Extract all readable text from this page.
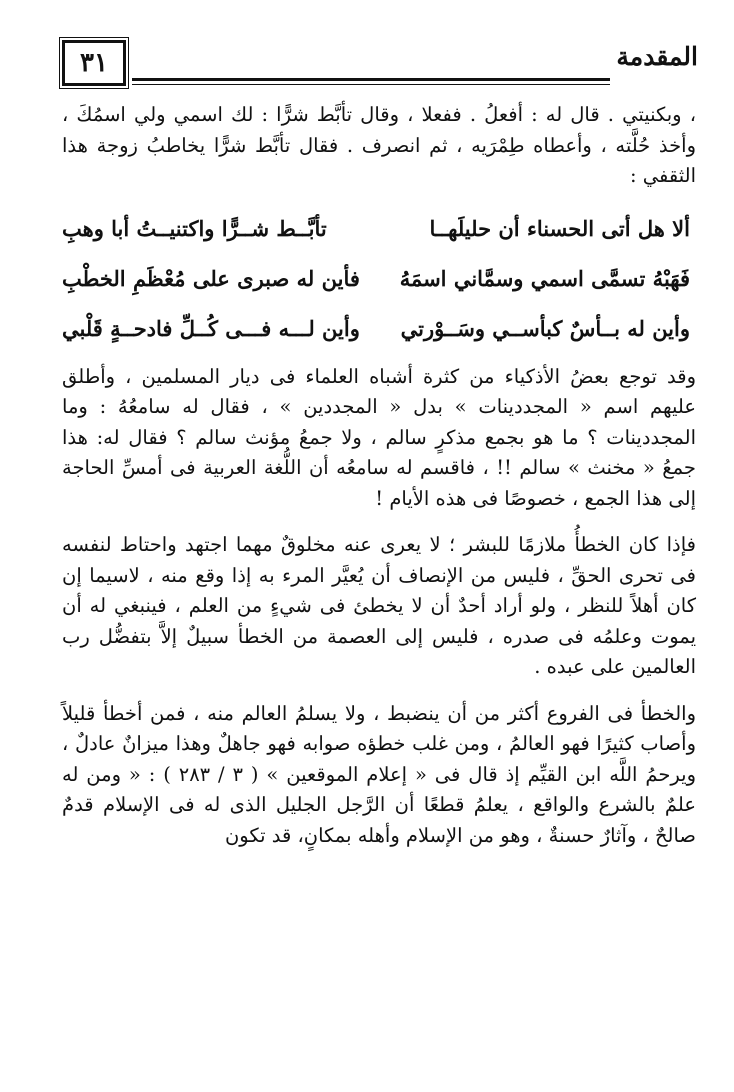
المقدمة
٣١

، وبكنيتي . قال له : أفعلُ . ففعلا ، وقال تأبَّط شرًّا : لك اسمي ولي اسمُكَ ، وأخذ حُلَّته ، وأعطاه طِمْرَيه ، ثم انصرف . فقال تأبَّط شرًّا يخاطبُ زوجة هذا الثقفي :

ألا هل أتى الحسناء أن حليلَهــا
تأبَّــط شــرًّا واكتنيــتُ أبا وهبِ
فَهَبْهُ تسمَّى اسمي وسمَّاني اسمَهُ
فأين له صبرى على مُعْظَمِ الخطْبِ
وأين له بــأسٌ كبأســي وسَــوْرتي
وأين لـــه فـــى كُــلِّ فادحــةٍ قَلْبي

وقد توجع بعضُ الأذكياء من كثرة أشباه العلماء فى ديار المسلمين ، وأطلق عليهم اسم « المجددينات » بدل « المجددين » ، فقال له سامعُهُ : وما المجددينات ؟ ما هو بجمع مذكرٍ سالم ، ولا جمعُ مؤنث سالم ؟ فقال له: هذا جمعُ « مخنث » سالم !! ، فاقسم له سامعُه أن اللُّغة العربية فى أمسِّ الحاجة إلى هذا الجمع ، خصوصًا فى هذه الأيام !

فإذا كان الخطأُ ملازمًا للبشر ؛ لا يعرى عنه مخلوقٌ مهما اجتهد واحتاط لنفسه فى تحرى الحقِّ ، فليس من الإنصاف أن يُعيَّر المرء به إذا وقع منه ، لاسيما إن كان أهلاً للنظر ، ولو أراد أحدٌ أن لا يخطئ فى شيءٍ من العلم ، فينبغي له أن يموت وعلمُه فى صدره ، فليس إلى العصمة من الخطأ سبيلٌ إلاَّ بتفضُّل رب العالمين على عبده .

والخطأ فى الفروع أكثر من أن ينضبط ، ولا يسلمُ العالم منه ، فمن أخطأ قليلاً وأصاب كثيرًا فهو العالمُ ، ومن غلب خطؤه صوابه فهو جاهلٌ وهذا ميزانٌ عادلٌ ، ويرحمُ اللَّه ابن القيِّم إذ قال فى « إعلام الموقعين » ( ٣ / ٢٨٣ ) : « ومن له علمٌ بالشرع والواقع ، يعلمُ قطعًا أن الرَّجل الجليل الذى له فى الإسلام قدمٌ صالحٌ ، وآثارٌ حسنةٌ ، وهو من الإسلام وأهله بمكانٍ، قد تكون
